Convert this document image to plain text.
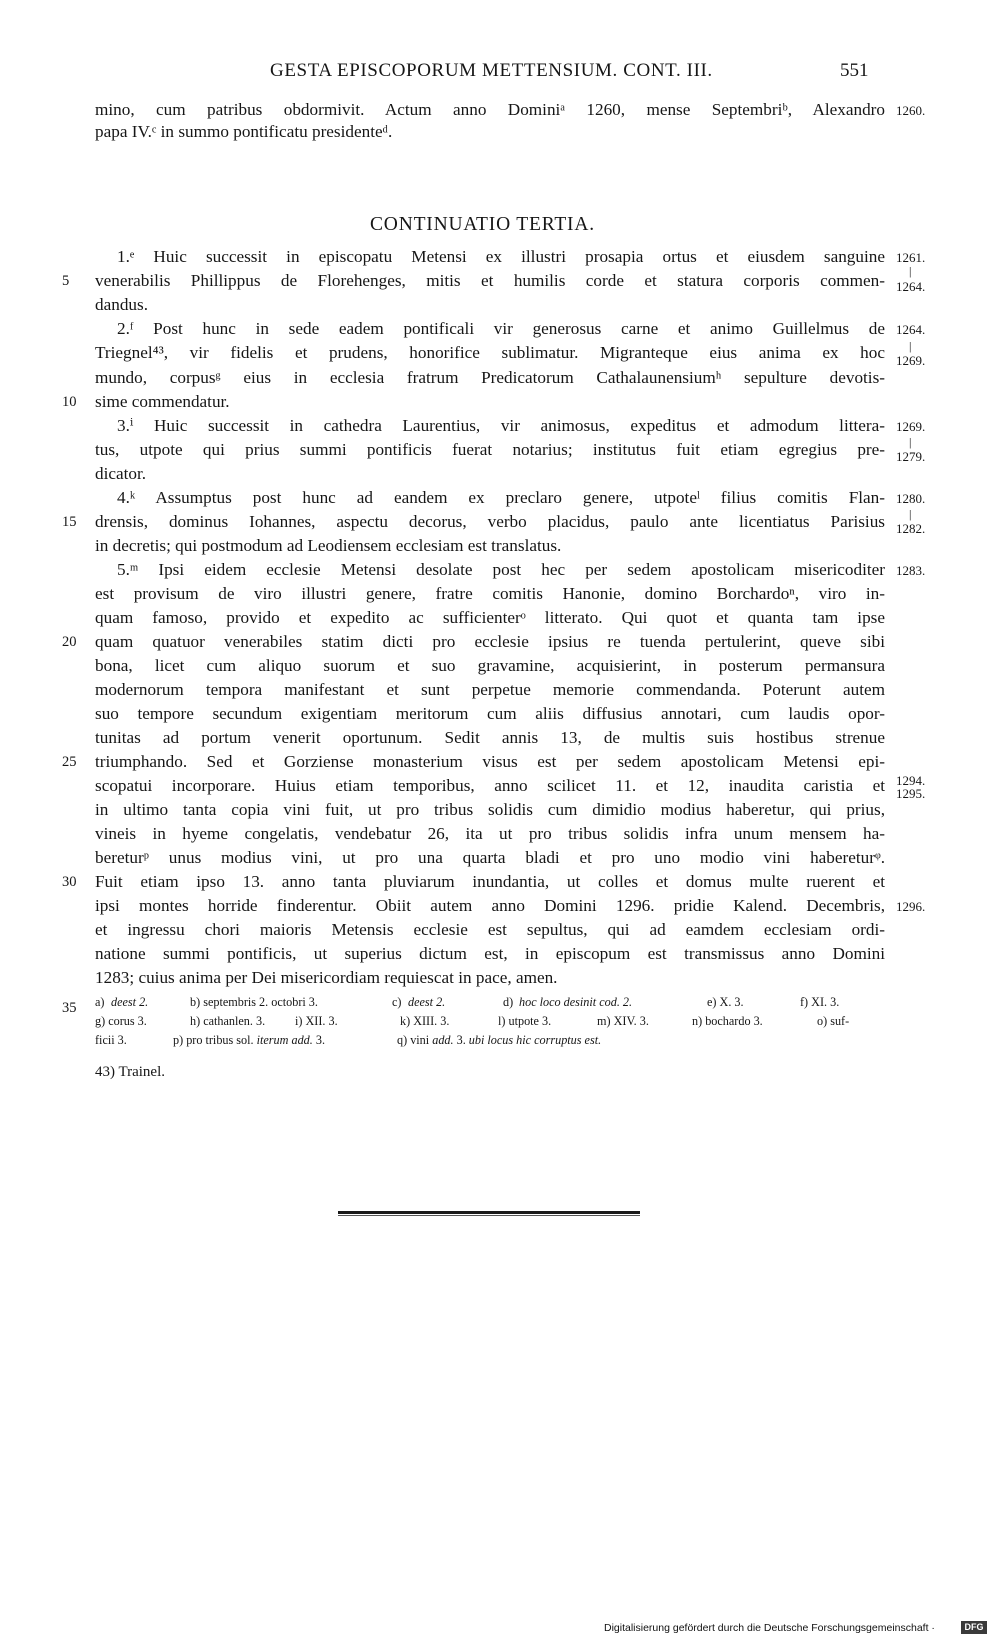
GESTA EPISCOPORUM METTENSIUM. CONT. III.	551
mino, cum patribus obdormivit. Actum anno Dominiᵃ 1260, mense Septembriᵇ, Alexandro
papa IV.ᶜ in summo pontificatu presidenteᵈ.
CONTINUATIO TERTIA.
1.ᵉ Huic successit in episcopatu Metensi ex illustri prosapia ortus et eiusdem sanguine
venerabilis Phillippus de Florehenges, mitis et humilis corde et statura corporis commen-
dandus.
2.ᶠ Post hunc in sede eadem pontificali vir generosus carne et animo Guillelmus de
Triegnel⁴³, vir fidelis et prudens, honorifice sublimatur. Migranteque eius anima ex hoc
mundo, corpusᵍ eius in ecclesia fratrum Predicatorum Cathalaunensiumʰ sepulture devotis-
sime commendatur.
3.ⁱ Huic successit in cathedra Laurentius, vir animosus, expeditus et admodum littera-
tus, utpote qui prius summi pontificis fuerat notarius; institutus fuit etiam egregius pre-
dicator.
4.ᵏ Assumptus post hunc ad eandem ex preclaro genere, utpoteˡ filius comitis Flan-
drensis, dominus Iohannes, aspectu decorus, verbo placidus, paulo ante licentiatus Parisius
in decretis; qui postmodum ad Leodiensem ecclesiam est translatus.
5.ᵐ Ipsi eidem ecclesie Metensi desolate post hec per sedem apostolicam misericoditer
est provisum de viro illustri genere, fratre comitis Hanonie, domino Borchardoⁿ, viro in-
quam famoso, provido et expedito ac sufficienterᵒ litterato. Qui quot et quanta tam ipse
quam quatuor venerabiles statim dicti pro ecclesie ipsius re tuenda pertulerint, queve sibi
bona, licet cum aliquo suorum et suo gravamine, acquisierint, in posterum permansura
modernorum tempora manifestant et sunt perpetue memorie commendanda. Poterunt autem
suo tempore secundum exigentiam meritorum cum aliis diffusius annotari, cum laudis opor-
tunitas ad portum venerit oportunum. Sedit annis 13, de multis suis hostibus strenue
triumphando. Sed et Gorziense monasterium visus est per sedem apostolicam Metensi epi-
scopatui incorporare. Huius etiam temporibus, anno scilicet 11. et 12, inaudita caristia et
in ultimo tanta copia vini fuit, ut pro tribus solidis cum dimidio modius haberetur, qui prius,
vineis in hyeme congelatis, vendebatur 26, ita ut pro tribus solidis infra unum mensem ha-
bereturᵖ unus modius vini, ut pro una quarta bladi et pro uno modio vini habereturᵠ.
Fuit etiam ipso 13. anno tanta pluviarum inundantia, ut colles et domus multe ruerent et
ipsi montes horride finderentur. Obiit autem anno Domini 1296. pridie Kalend. Decembris,
et ingressu chori maioris Metensis ecclesie est sepultus, qui ad eamdem ecclesiam ordi-
natione summi pontificis, ut superius dictum est, in episcopum est transmissus anno Domini
1283; cuius anima per Dei misericordiam requiescat in pace, amen.
5
10
15
20
25
30
35
1260.
1261.
|
1264.
1264.
|
1269.
1269.
|
1279.
1280.
|
1282.
1283.
1294.
1295.
1296.
a) deest 2.	b) septembris 2. octobri 3.	c) deest 2.	d) hoc loco desinit cod. 2.	e) X. 3.	f) XI. 3.
g) corus 3.	h) cathanlen. 3. i) XII. 3.	k) XIII. 3.	l) utpote 3.	m) XIV. 3.	n) bochardo 3.	o) suf-
ficii 3.	p) pro tribus sol. iterum add. 3.	q) vini add. 3. ubi locus hic corruptus est.
43) Trainel.
Digitalisierung gefördert durch die Deutsche Forschungsgemeinschaft ·	DFG
